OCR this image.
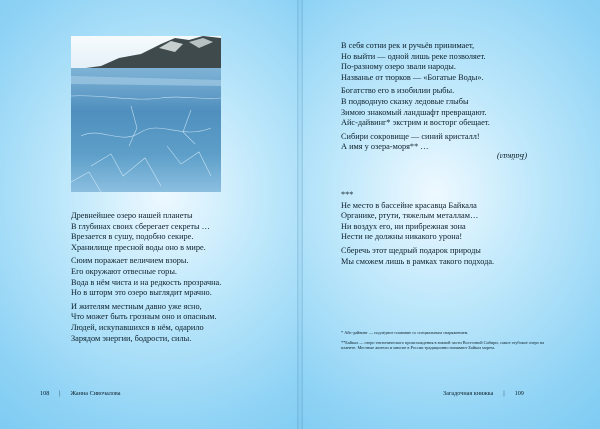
Древнейшее озеро нашей планеты
В глубинах своих сберегает секреты …
Врезается в сушу, подобно секире.
Хранилище пресной воды оно в мире.
Сюим поражает величием взоры.
Его окружают отвесные горы.
Вода в нём чиста и на редкость прозрачна.
Но в шторм это озеро выглядит мрачно.
И жителям местным давно уже ясно,
Что может быть грозным оно и опасным.
Людей, искупавшихся в нём, одарило
Зарядом энергии, бодрости, силы.
108 | Жанна Сивочалова
В себя сотни рек и ручьёв принимает,
Но выйти — одной лишь реке позволяет.
По-разному озеро звали народы.
Названье от тюрков — «Богатые Воды».
Богатство его в изобилии рыбы.
В подводную сказку ледовые глыбы
Зимою знакомый ландшафт превращают.
Айс-дайвинг* экстрим и восторг обещает.
Сибири сокровище — синий кристалл!
А имя у озера-моря** …
(Байкал)
***
Не место в бассейне красавца Байкала
Органике, ртути, тяжелым металлам…
Ни воздух его, ни прибрежная зона
Нести не должны никакого урона!
Сберечь этот щедрый подарок природы
Мы сможем лишь в рамках такого подхода.

* Айс-дайвинг — подлёдное плавание со специальным снаряжением.

**Байкал — озеро тектонического происхождения в южной части Восточной Сибири, самое глубокое озеро на планете. Местные жители и многие в России традиционно называют Байкал морем.

Загадочная книжка | 109
